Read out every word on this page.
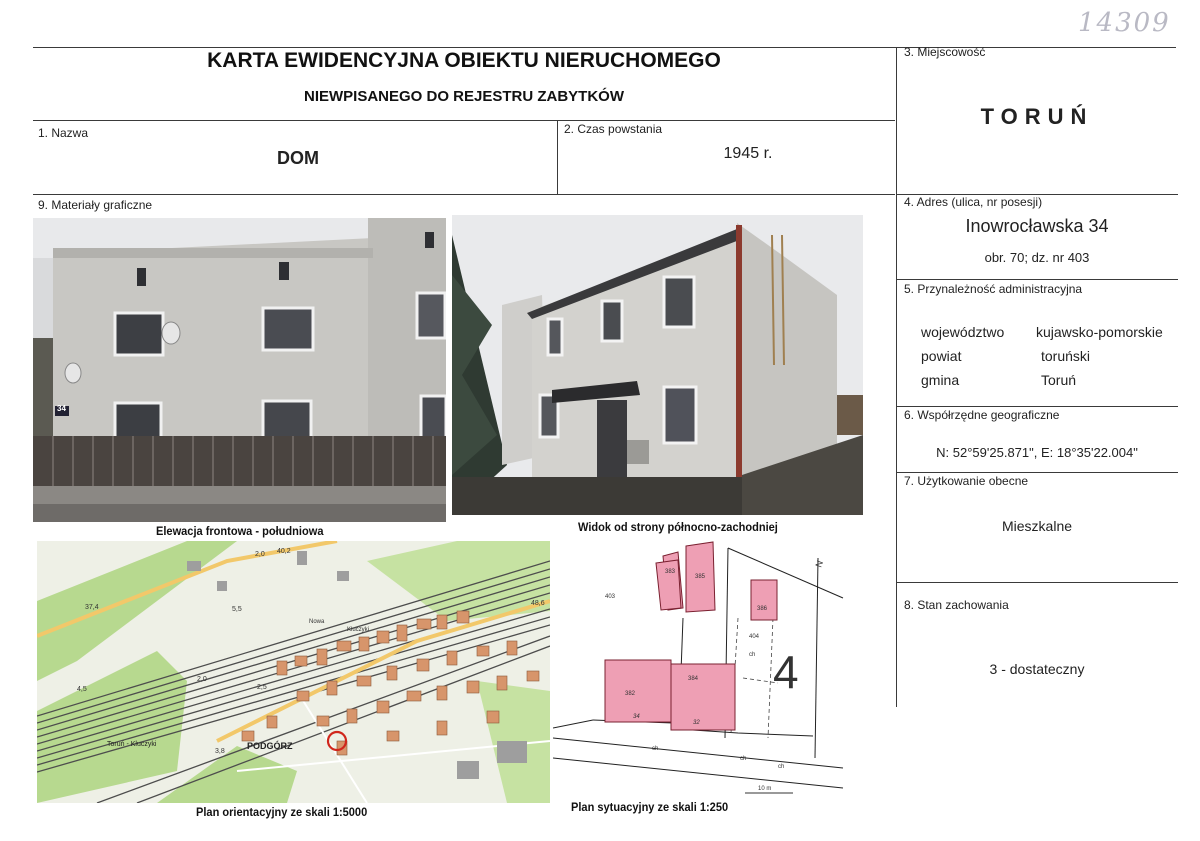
14309
KARTA EWIDENCYJNA OBIEKTU NIERUCHOMEGO
NIEWPISANEGO DO REJESTRU ZABYTKÓW
1. Nazwa
DOM
2. Czas powstania
1945 r.
3. Miejscowość
TORUŃ
4. Adres (ulica, nr posesji)
Inowrocławska 34
obr. 70; dz. nr 403
5. Przynależność administracyjna
województwo kujawsko-pomorskie
powiat	toruński
gmina	Toruń
6. Współrzędne geograficzne
N: 52°59'25.871", E: 18°35'22.004"
7. Użytkowanie obecne
Mieszkalne
8. Stan zachowania
3 - dostateczny
9. Materiały graficzne
34
Elewacja frontowa - południowa	Widok od strony północno-zachodniej
2,0 40,2
37,4
4,5
2,0
2,5
3,8
5,5
48,6
PODGÓRZ
Nowa
Kluczyki
Toruń - Kluczyki
Plan orientacyjny ze skali 1:5000
403
404
383
385
386
382
384
34
32
ch
ch
ch
ch
N
4
10 m
Plan sytuacyjny ze skali 1:250
